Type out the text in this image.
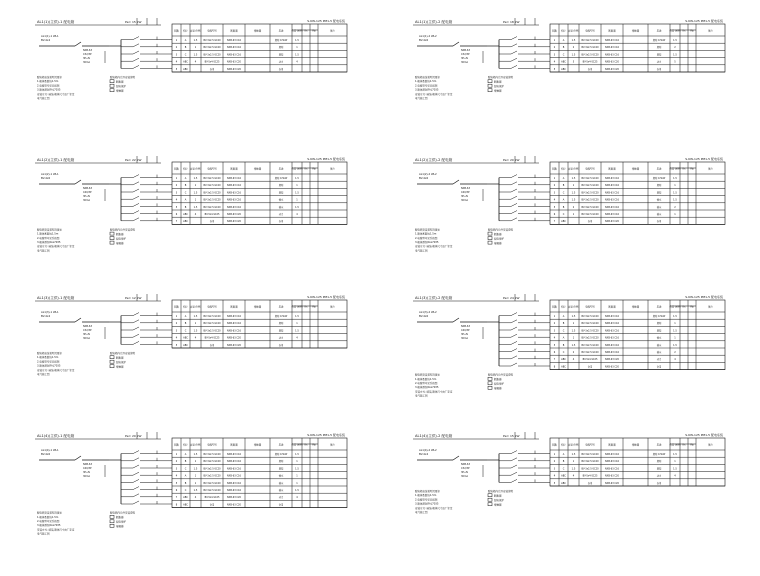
AL1(1)(主供)-1 配电箱	Pe= 15 kW	S-KW-125 PM1-5 配电系统
回路 相序 容量 (kW)	电缆型号	断路器	接触器	用途	负荷 (kW) Kx Pjs	备注
1	A	1.5	BV-3x2.5-SC20	NXB-63 C16	照明 0.5kW	1.5
2	B	1	BV-3x2.5-SC20	NXB-63 C16	照明	1
3	C	1.5	BV-3x2.5-SC20	NXB-63 C16	照明	1.5
4	ABC	4	BV-5x4-SC25	NXB-63 C20	动力	4
5	ABC	备用	NXB-63 C20	备用
AL1(1)-1 WL1
BV-4x4
NXB-63
C32/3P
3P+N
30mA
配电箱安装说明及要求
1.箱体底距地1.5m
2.电缆型号见系统图
3.箱体颜色RAL7035
安装方式: 暗装,箱体尺寸由厂家定
电气施工图
配电箱内元件安装说明
断路器
漏电保护
接触器
AL1(1)(主供)-2 配电箱	Pe= 18 kW	S-KW-125 PM1-5 配电系统
回路 相序 容量 (kW)	电缆型号	断路器	接触器	用途	负荷 (kW) Kx Pjs	备注
1	A	1.5	BV-3x2.5-SC20	NXB-63 C16	照明 0.5kW	1.5
2	B	2	BV-3x2.5-SC20	NXB-63 C16	照明	2
3	C	1.5	BV-3x2.5-SC20	NXB-63 C16	照明	1.5
4	ABC	5	BV-5x4-SC25	NXB-63 C20	动力	5
5	ABC	备用	NXB-63 C20	备用
AL1(1)-2 WL2
BV-4x6
NXB-63
C32/3P
3P+N
30mA
配电箱安装说明及要求
1.箱体底距地1.5m
2.电缆型号见系统图
3.箱体颜色RAL7035
安装方式: 暗装,箱体尺寸由厂家定
电气施工图
配电箱内元件安装说明
断路器
漏电保护
接触器
AL1(2)(主供)-1 配电箱	Pe= 22 kW	S-KW-125 PM1-5 配电系统
回路 相序 容量 (kW)	电缆型号	断路器	接触器	用途	负荷 (kW) Kx Pjs	备注
1	A	1.5	BV-3x2.5-SC20	NXB-63 C16	照明 0.5kW	1.5
2	B	1	BV-3x2.5-SC20	NXB-63 C16	照明	1
3	C	1.5	BV-3x2.5-SC20	NXB-63 C16	照明	1.5
4	A	1	BV-3x2.5-SC20	NXB-63 C16	插座	1
5	B	1.5	BV-3x2.5-SC20	NXB-63 C16	插座	1.5
6	ABC	4	BV-5x4-SC25	NXB-63 C20	动力	4
7	ABC	备用	NXB-63 C20	备用
AL1(2)-1 WL1
BV-4x6
NXB-63
C40/3P
3P+N
30mA
配电箱安装说明及要求
1.箱体底距地1.5m
2.电缆型号见系统图
3.箱体颜色RAL7035
安装方式: 暗装,箱体尺寸由厂家定
电气施工图
配电箱内元件安装说明
断路器
漏电保护
接触器
AL1(2)(主供)-2 配电箱	Pe= 20 kW	S-KW-125 PM1-5 配电系统
回路 相序 容量 (kW)	电缆型号	断路器	接触器	用途	负荷 (kW) Kx Pjs	备注
1	A	1.5	BV-3x2.5-SC20	NXB-63 C16	照明 0.5kW	1.5
2	B	1	BV-3x2.5-SC20	NXB-63 C16	照明	1
3	C	1.5	BV-3x2.5-SC20	NXB-63 C16	照明	1.5
4	A	1.5	BV-3x2.5-SC20	NXB-63 C16	插座	1.5
5	B	2	BV-3x2.5-SC20	NXB-63 C16	插座	2
6	C	1	BV-3x2.5-SC20	NXB-63 C16	插座	1
7	ABC	备用	NXB-63 C20	备用
AL1(2)-2 WL2
BV-4x6
NXB-63
C40/3P
3P+N
30mA
配电箱安装说明及要求
1.箱体底距地1.5m
2.电缆型号见系统图
3.箱体颜色RAL7035
安装方式: 暗装,箱体尺寸由厂家定
电气施工图
配电箱内元件安装说明
断路器
漏电保护
接触器
AL1(3)(主供)-1 配电箱	Pe= 12 kW	S-KW-125 PM1-5 配电系统
回路 相序 容量 (kW)	电缆型号	断路器	接触器	用途	负荷 (kW) Kx Pjs	备注
1	A	1.5	BV-3x2.5-SC20	NXB-63 C16	照明 0.5kW	1.5
2	B	1	BV-3x2.5-SC20	NXB-63 C16	照明	1
3	C	1.5	BV-3x2.5-SC20	NXB-63 C16	照明	1.5
4	ABC	4	BV-5x4-SC25	NXB-63 C20	动力	4
5	ABC	备用	NXB-63 C20	备用
AL1(3)-1 WL1
BV-4x4
NXB-63
C32/3P
3P+N
30mA
配电箱安装说明及要求
1.箱体底距地1.5m
2.电缆型号见系统图
3.箱体颜色RAL7035
安装方式: 暗装,箱体尺寸由厂家定
电气施工图
配电箱内元件安装说明
断路器
漏电保护
接触器
AL1(3)(主供)-2 配电箱	Pe= 24 kW	S-KW-125 PM1-5 配电系统
回路 相序 容量 (kW)	电缆型号	断路器	接触器	用途	负荷 (kW) Kx Pjs	备注
1	A	1.5	BV-3x2.5-SC20	NXB-63 C16	照明 0.5kW	1.5
2	B	1	BV-3x2.5-SC20	NXB-63 C16	照明	1
3	C	1.5	BV-3x2.5-SC20	NXB-63 C16	照明	1.5
4	A	1	BV-3x2.5-SC20	NXB-63 C16	插座	1
5	B	1.5	BV-3x2.5-SC20	NXB-63 C16	插座	1.5
6	C	2	BV-3x2.5-SC20	NXB-63 C16	插座	2
7	ABC	4	BV-5x4-SC25	NXB-63 C20	动力	4
8	ABC	备用	NXB-63 C20	备用
AL1(3)-2 WL2
BV-4x6
NXB-63
C40/3P
3P+N
30mA
配电箱安装说明及要求
1.箱体底距地1.5m
2.电缆型号见系统图
3.箱体颜色RAL7035
安装方式: 暗装,箱体尺寸由厂家定
电气施工图
配电箱内元件安装说明
断路器
漏电保护
接触器
AL1(4)(主供)-1 配电箱	Pe= 20 kW	S-KW-125 PM1-5 配电系统
回路 相序 容量 (kW)	电缆型号	断路器	接触器	用途	负荷 (kW) Kx Pjs	备注
1	A	1.5	BV-3x2.5-SC20	NXB-63 C16	照明 0.5kW	1.5
2	B	1	BV-3x2.5-SC20	NXB-63 C16	照明	1
3	C	1.5	BV-3x2.5-SC20	NXB-63 C16	照明	1.5
4	A	1	BV-3x2.5-SC20	NXB-63 C16	插座	1
5	B	1	BV-3x2.5-SC20	NXB-63 C16	插座	1
6	C	1.5	BV-3x2.5-SC20	NXB-63 C16	插座	1.5
7	ABC	4	BV-5x4-SC25	NXB-63 C20	动力	4
8	ABC	备用	NXB-63 C20	备用
AL1(4)-1 WL1
BV-4x6
NXB-63
C40/3P
3P+N
30mA
配电箱安装说明及要求
1.箱体底距地1.5m
2.电缆型号见系统图
3.箱体颜色RAL7035
安装方式: 暗装,箱体尺寸由厂家定
电气施工图
配电箱内元件安装说明
断路器
漏电保护
接触器
AL1(4)(主供)-2 配电箱	Pe= 15 kW	S-KW-125 PM1-5 配电系统
回路 相序 容量 (kW)	电缆型号	断路器	接触器	用途	负荷 (kW) Kx Pjs	备注
1	A	1.5	BV-3x2.5-SC20	NXB-63 C16	照明 0.5kW	1.5
2	B	1	BV-3x2.5-SC20	NXB-63 C16	照明	1
3	C	1.5	BV-3x2.5-SC20	NXB-63 C16	照明	1.5
4	ABC	4	BV-5x4-SC25	NXB-63 C20	动力	4
5	ABC	备用	NXB-63 C20	备用
AL1(4)-2 WL2
BV-4x4
NXB-63
C32/3P
3P+N
30mA
配电箱安装说明及要求
1.箱体底距地1.5m
2.电缆型号见系统图
3.箱体颜色RAL7035
安装方式: 暗装,箱体尺寸由厂家定
电气施工图
配电箱内元件安装说明
断路器
漏电保护
接触器
